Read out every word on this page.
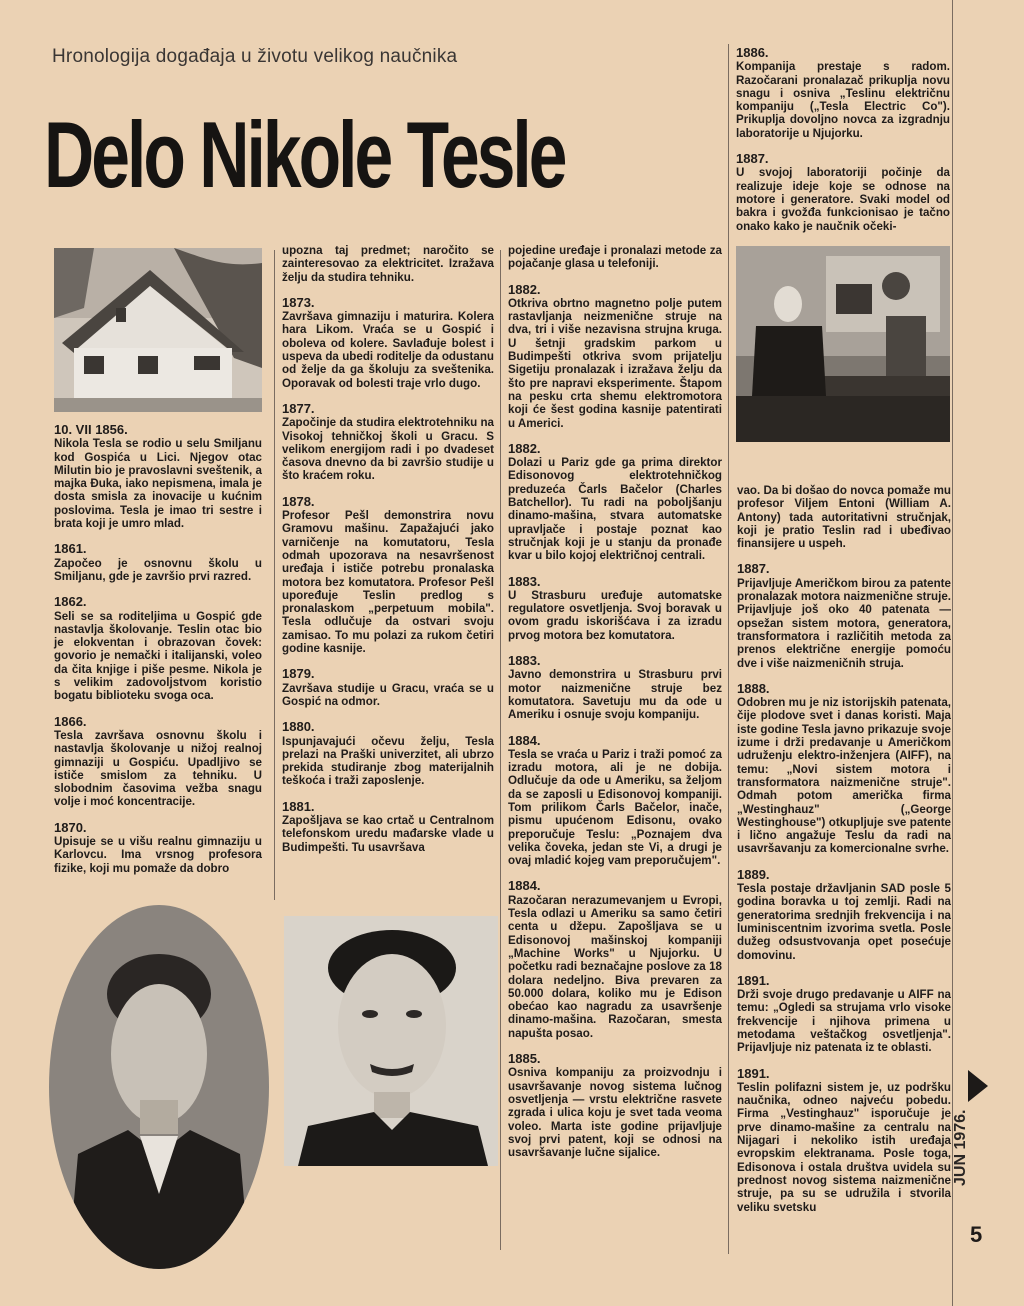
Hronologija događaja u životu velikog naučnika
Delo Nikole Tesle
10. VII 1856.

Nikola Tesla se rodio u selu Smiljanu kod Gospića u Lici. Njegov otac Milutin bio je pravoslavni sveštenik, a majka Đuka, iako nepismena, imala je dosta smisla za inovacije u kućnim poslovima. Tesla je imao tri sestre i brata koji je umro mlad.

1861.

Započeo je osnovnu školu u Smiljanu, gde je završio prvi razred.

1862.

Seli se sa roditeljima u Gospić gde nastavlja školovanje. Teslin otac bio je elokventan i obrazovan čovek: govorio je nemački i italijanski, voleo da čita knjige i piše pesme. Nikola je s velikim zadovoljstvom koristio bogatu biblioteku svoga oca.

1866.

Tesla završava osnovnu školu i nastavlja školovanje u nižoj realnoj gimnaziji u Gospiću. Upadljivo se ističe smislom za tehniku. U slobodnim časovima vežba snagu volje i moć koncentracije.

1870.

Upisuje se u višu realnu gimnaziju u Karlovcu. Ima vrsnog profesora fizike, koji mu pomaže da dobro

upozna taj predmet; naročito se zainteresovao za elektricitet. Izražava želju da studira tehniku.

1873.

Završava gimnaziju i maturira. Kolera hara Likom. Vraća se u Gospić i oboleva od kolere. Savlađuje bolest i uspeva da ubedi roditelje da odustanu od želje da ga školuju za sveštenika. Oporavak od bolesti traje vrlo dugo.

1877.

Započinje da studira elektrotehniku na Visokoj tehničkoj školi u Gracu. S velikom energijom radi i po dvadeset časova dnevno da bi završio studije u što kraćem roku.

1878.

Profesor Pešl demonstrira novu Gramovu mašinu. Zapažajući jako varničenje na komutatoru, Tesla odmah upozorava na nesavršenost uređaja i ističe potrebu pronalaska motora bez komutatora. Profesor Pešl upoređuje Teslin predlog s pronalaskom „perpetuum mobila". Tesla odlučuje da ostvari svoju zamisao. To mu polazi za rukom četiri godine kasnije.

1879.

Završava studije u Gracu, vraća se u Gospić na odmor.

1880.

Ispunjavajući očevu želju, Tesla prelazi na Praški univerzitet, ali ubrzo prekida studiranje zbog materijalnih teškoća i traži zaposlenje.

1881.

Zapošljava se kao crtač u Centralnom telefonskom uredu mađarske vlade u Budimpešti. Tu usavršava

pojedine uređaje i pronalazi metode za pojačanje glasa u telefoniji.

1882.

Otkriva obrtno magnetno polje putem rastavljanja neizmenične struje na dva, tri i više nezavisna strujna kruga. U šetnji gradskim parkom u Budimpešti otkriva svom prijatelju Sigetiju pronalazak i izražava želju da što pre napravi eksperimente. Štapom na pesku crta shemu elektromotora koji će šest godina kasnije patentirati u Americi.

1882.

Dolazi u Pariz gde ga prima direktor Edisonovog elektrotehničkog preduzeća Čarls Bačelor (Charles Batchellor). Tu radi na poboljšanju dinamo-mašina, stvara automatske upravljače i postaje poznat kao stručnjak koji je u stanju da pronađe kvar u bilo kojoj električnoj centrali.

1883.

U Strasburu uređuje automatske regulatore osvetljenja. Svoj boravak u ovom gradu iskorišćava i za izradu prvog motora bez komutatora.

1883.

Javno demonstrira u Strasburu prvi motor naizmenične struje bez komutatora. Savetuju mu da ode u Ameriku i osnuje svoju kompaniju.

1884.

Tesla se vraća u Pariz i traži pomoć za izradu motora, ali je ne dobija. Odlučuje da ode u Ameriku, sa željom da se zaposli u Edisonovoj kompaniji. Tom prilikom Čarls Bačelor, inače, pismu upućenom Edisonu, ovako preporučuje Teslu: „Poznajem dva velika čoveka, jedan ste Vi, a drugi je ovaj mladić kojeg vam preporučujem".

1884.

Razočaran nerazumevanjem u Evropi, Tesla odlazi u Ameriku sa samo četiri centa u džepu. Zapošljava se u Edisonovoj mašinskoj kompaniji „Machine Works" u Njujorku. U početku radi beznačajne poslove za 18 dolara nedeljno. Biva prevaren za 50.000 dolara, koliko mu je Edison obećao kao nagradu za usavršenje dinamo-mašina. Razočaran, smesta napušta posao.

1885.

Osniva kompaniju za proizvodnju i usavršavanje novog sistema lučnog osvetljenja — vrstu električne rasvete zgrada i ulica koju je svet tada veoma voleo. Marta iste godine prijavljuje svoj prvi patent, koji se odnosi na usavršavanje lučne sijalice.

1886.

Kompanija prestaje s radom. Razočarani pronalazač prikuplja novu snagu i osniva „Teslinu električnu kompaniju („Tesla Electric Co"). Prikuplja dovoljno novca za izgradnju laboratorije u Njujorku.

1887.

U svojoj laboratoriji počinje da realizuje ideje koje se odnose na motore i generatore. Svaki model od bakra i gvožđa funkcionisao je tačno onako kako je naučnik očeki-

vao. Da bi došao do novca pomaže mu profesor Viljem Entoni (William A. Antony) tada autoritativni stručnjak, koji je pratio Teslin rad i ubeđivao finansijere u uspeh.

1887.

Prijavljuje Američkom birou za patente pronalazak motora naizmenične struje. Prijavljuje još oko 40 patenata — opsežan sistem motora, generatora, transformatora i različitih metoda za prenos električne energije pomoću dve i više naizmeničnih struja.

1888.

Odobren mu je niz istorijskih patenata, čije plodove svet i danas koristi. Maja iste godine Tesla javno prikazuje svoje izume i drži predavanje u Američkom udruženju elektro-inženjera (AIFF), na temu: „Novi sistem motora i transformatora naizmenične struje". Odmah potom američka firma „Westinghauz" („George Westinghouse") otkupljuje sve patente i lično angažuje Teslu da radi na usavršavanju za komercionalne svrhe.

1889.

Tesla postaje državljanin SAD posle 5 godina boravka u toj zemlji. Radi na generatorima srednjih frekvencija i na luminiscentnim izvorima svetla. Posle dužeg odsustvovanja opet posećuje domovinu.

1891.

Drži svoje drugo predavanje u AIFF na temu: „Ogledi sa strujama vrlo visoke frekvencije i njihova primena u metodama veštačkog osvetljenja". Prijavljuje niz patenata iz te oblasti.

1891.

Teslin polifazni sistem je, uz podršku naučnika, odneo najveću pobedu. Firma „Vestinghauz" isporučuje je prve dinamo-mašine za centralu na Nijagari i nekoliko istih uređaja evropskim elektranama. Posle toga, Edisonova i ostala društva uvidela su prednost novog sistema naizmenične struje, pa su se udružila i stvorila veliku svetsku

JUN 1976.
5
